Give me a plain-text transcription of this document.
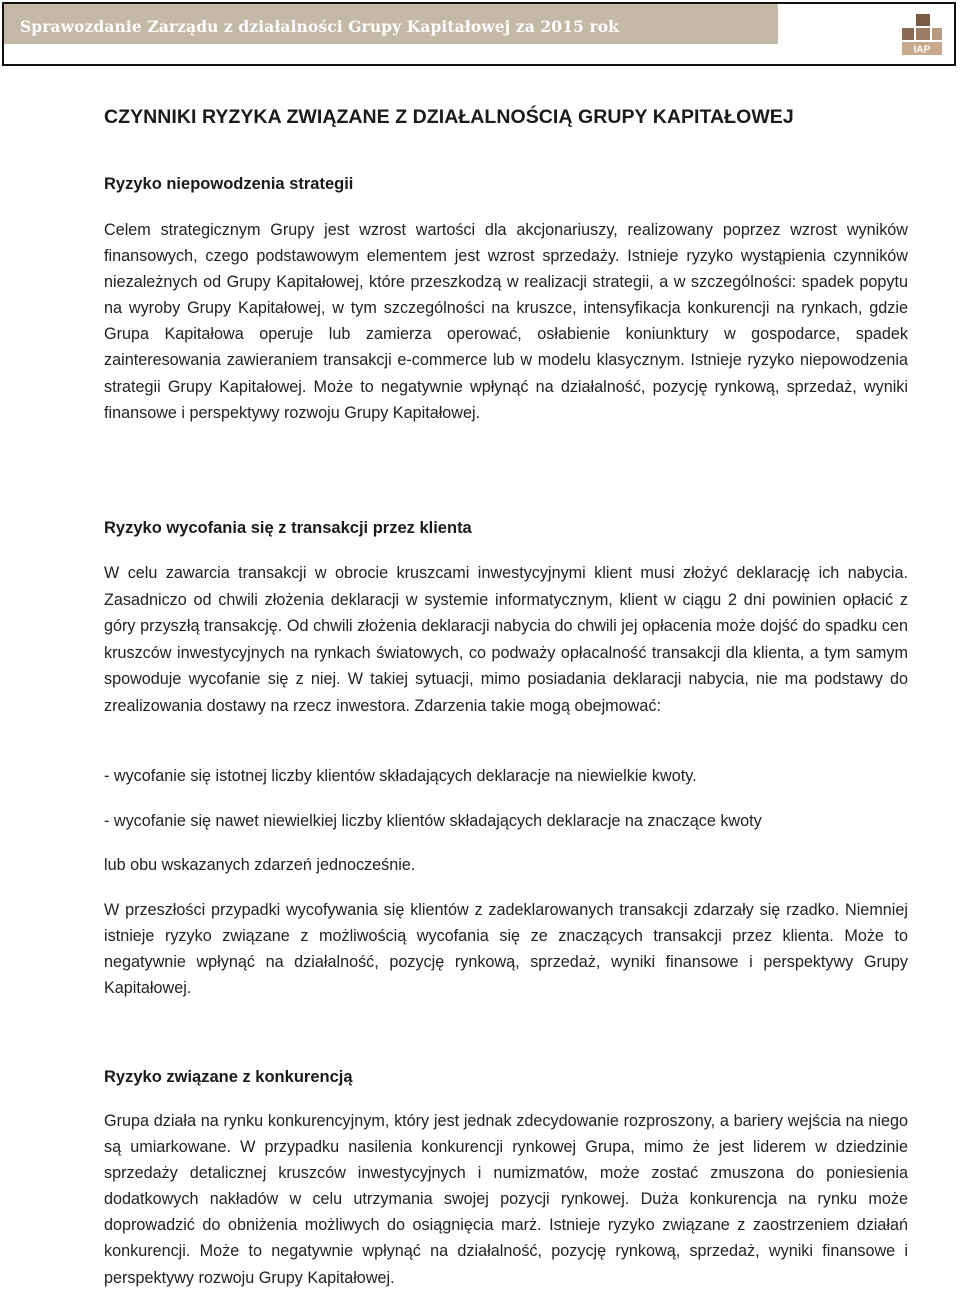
Sprawozdanie Zarządu z działalności Grupy Kapitałowej za 2015 rok
IAP
CZYNNIKI RYZYKA ZWIĄZANE Z DZIAŁALNOŚCIĄ GRUPY KAPITAŁOWEJ
Ryzyko niepowodzenia strategii

Celem strategicznym Grupy jest wzrost wartości dla akcjonariuszy, realizowany poprzez wzrost wyników finansowych, czego podstawowym elementem jest wzrost sprzedaży. Istnieje ryzyko wystąpienia czynników niezależnych od Grupy Kapitałowej, które przeszkodzą w realizacji strategii, a w szczególności: spadek popytu na wyroby Grupy Kapitałowej, w tym szczególności na kruszce, intensyfikacja konkurencji na rynkach, gdzie Grupa Kapitałowa operuje lub zamierza operować, osłabienie koniunktury w gospodarce, spadek zainteresowania zawieraniem transakcji e-commerce lub w modelu klasycznym. Istnieje ryzyko niepowodzenia strategii Grupy Kapitałowej. Może to negatywnie wpłynąć na działalność, pozycję rynkową, sprzedaż, wyniki finansowe i perspektywy rozwoju Grupy Kapitałowej.

Ryzyko wycofania się z transakcji przez klienta

W celu zawarcia transakcji w obrocie kruszcami inwestycyjnymi klient musi złożyć deklarację ich nabycia. Zasadniczo od chwili złożenia deklaracji w systemie informatycznym, klient w ciągu 2 dni powinien opłacić z góry przyszłą transakcję. Od chwili złożenia deklaracji nabycia do chwili jej opłacenia może dojść do spadku cen kruszców inwestycyjnych na rynkach światowych, co podważy opłacalność transakcji dla klienta, a tym samym spowoduje wycofanie się z niej. W takiej sytuacji, mimo posiadania deklaracji nabycia, nie ma podstawy do zrealizowania dostawy na rzecz inwestora. Zdarzenia takie mogą obejmować:

- wycofanie się istotnej liczby klientów składających deklaracje na niewielkie kwoty.

- wycofanie się nawet niewielkiej liczby klientów składających deklaracje na znaczące kwoty

lub obu wskazanych zdarzeń jednocześnie.

W przeszłości przypadki wycofywania się klientów z zadeklarowanych transakcji zdarzały się rzadko. Niemniej istnieje ryzyko związane z możliwością wycofania się ze znaczących transakcji przez klienta. Może to negatywnie wpłynąć na działalność, pozycję rynkową, sprzedaż, wyniki finansowe i perspektywy Grupy Kapitałowej.

Ryzyko związane z konkurencją

Grupa działa na rynku konkurencyjnym, który jest jednak zdecydowanie rozproszony, a bariery wejścia na niego są umiarkowane. W przypadku nasilenia konkurencji rynkowej Grupa, mimo że jest liderem w dziedzinie sprzedaży detalicznej kruszców inwestycyjnych i numizmatów, może zostać zmuszona do poniesienia dodatkowych nakładów w celu utrzymania swojej pozycji rynkowej. Duża konkurencja na rynku może doprowadzić do obniżenia możliwych do osiągnięcia marż. Istnieje ryzyko związane z zaostrzeniem działań konkurencji. Może to negatywnie wpłynąć na działalność, pozycję rynkową, sprzedaż, wyniki finansowe i perspektywy rozwoju Grupy Kapitałowej.
